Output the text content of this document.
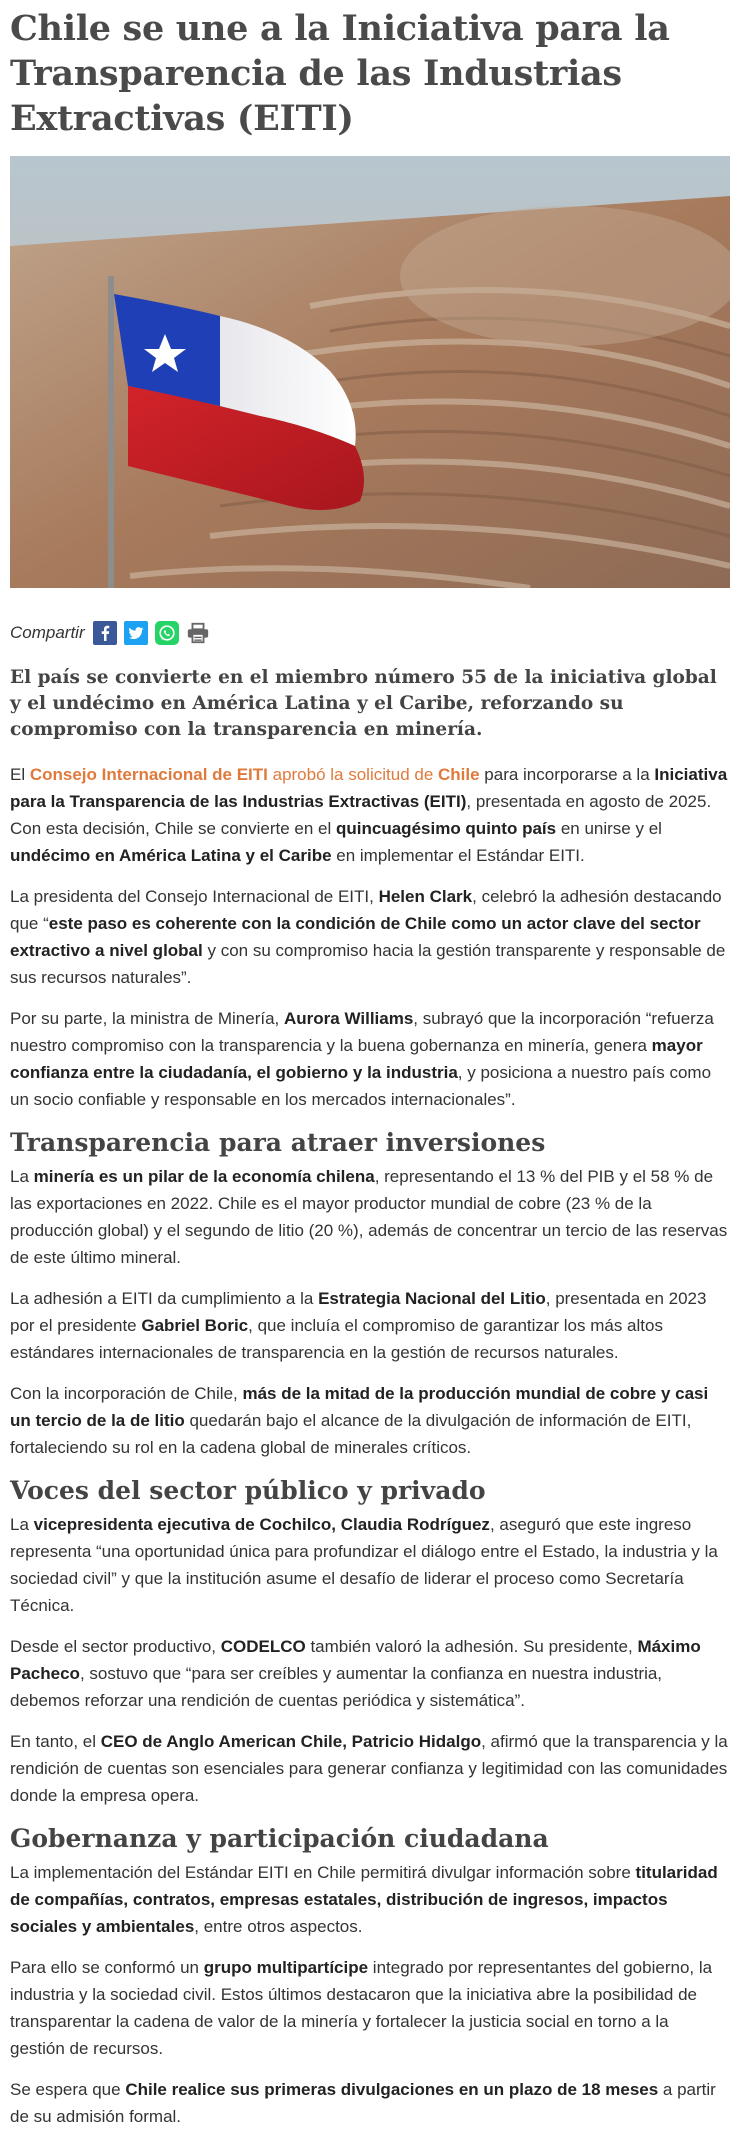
Chile se une a la Iniciativa para la Transparencia de las Industrias Extractivas (EITI)
Compartir
El país se convierte en el miembro número 55 de la iniciativa global y el undécimo en América Latina y el Caribe, reforzando su compromiso con la transparencia en minería.

El Consejo Internacional de EITI aprobó la solicitud de Chile para incorporarse a la Iniciativa para la Transparencia de las Industrias Extractivas (EITI), presentada en agosto de 2025. Con esta decisión, Chile se convierte en el quincuagésimo quinto país en unirse y el undécimo en América Latina y el Caribe en implementar el Estándar EITI.

La presidenta del Consejo Internacional de EITI, Helen Clark, celebró la adhesión destacando que “este paso es coherente con la condición de Chile como un actor clave del sector extractivo a nivel global y con su compromiso hacia la gestión transparente y responsable de sus recursos naturales”.

Por su parte, la ministra de Minería, Aurora Williams, subrayó que la incorporación “refuerza nuestro compromiso con la transparencia y la buena gobernanza en minería, genera mayor confianza entre la ciudadanía, el gobierno y la industria, y posiciona a nuestro país como un socio confiable y responsable en los mercados internacionales”.

Transparencia para atraer inversiones

La minería es un pilar de la economía chilena, representando el 13 % del PIB y el 58 % de las exportaciones en 2022. Chile es el mayor productor mundial de cobre (23 % de la producción global) y el segundo de litio (20 %), además de concentrar un tercio de las reservas de este último mineral.

La adhesión a EITI da cumplimiento a la Estrategia Nacional del Litio, presentada en 2023 por el presidente Gabriel Boric, que incluía el compromiso de garantizar los más altos estándares internacionales de transparencia en la gestión de recursos naturales.

Con la incorporación de Chile, más de la mitad de la producción mundial de cobre y casi un tercio de la de litio quedarán bajo el alcance de la divulgación de información de EITI, fortaleciendo su rol en la cadena global de minerales críticos.

Voces del sector público y privado

La vicepresidenta ejecutiva de Cochilco, Claudia Rodríguez, aseguró que este ingreso representa “una oportunidad única para profundizar el diálogo entre el Estado, la industria y la sociedad civil” y que la institución asume el desafío de liderar el proceso como Secretaría Técnica.

Desde el sector productivo, CODELCO también valoró la adhesión. Su presidente, Máximo Pacheco, sostuvo que “para ser creíbles y aumentar la confianza en nuestra industria, debemos reforzar una rendición de cuentas periódica y sistemática”.

En tanto, el CEO de Anglo American Chile, Patricio Hidalgo, afirmó que la transparencia y la rendición de cuentas son esenciales para generar confianza y legitimidad con las comunidades donde la empresa opera.

Gobernanza y participación ciudadana

La implementación del Estándar EITI en Chile permitirá divulgar información sobre titularidad de compañías, contratos, empresas estatales, distribución de ingresos, impactos sociales y ambientales, entre otros aspectos.

Para ello se conformó un grupo multipartícipe integrado por representantes del gobierno, la industria y la sociedad civil. Estos últimos destacaron que la iniciativa abre la posibilidad de transparentar la cadena de valor de la minería y fortalecer la justicia social en torno a la gestión de recursos.

Se espera que Chile realice sus primeras divulgaciones en un plazo de 18 meses a partir de su admisión formal.
